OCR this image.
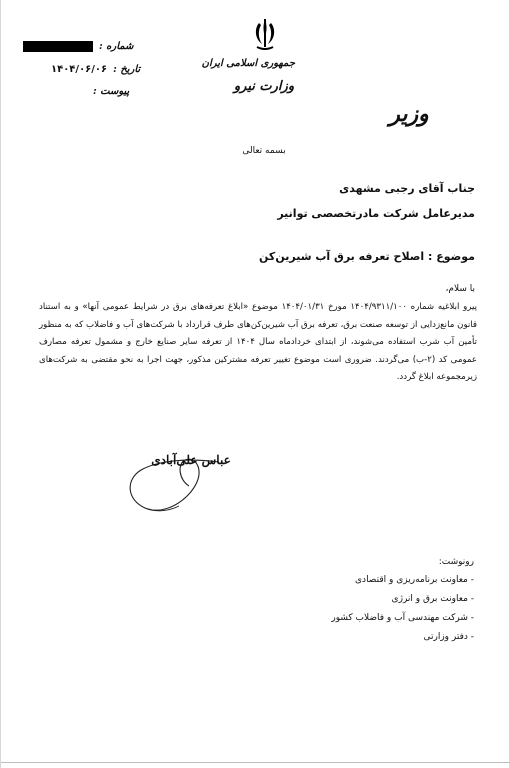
شماره :
۱۴۰۴/۰۶/۰۶ تاریخ :
پیوست :
جمهوری اسلامی ایران
وزارت نیرو
وزیر
بسمه تعالی
جناب آقای رجبی مشهدی
مدیرعامل شرکت مادرتخصصی توانیر
موضوع : اصلاح تعرفه برق آب شیرین‌کن
با سلام،
پیرو ابلاغیه شماره ۱۴۰۴/۹۳۱۱/۱۰۰ مورخ ۱۴۰۴/۰۱/۳۱ موضوع «ابلاغ تعرفه‌های برق در شرایط عمومی آنها» و به استناد قانون مانع‌زدایی از توسعه صنعت برق، تعرفه برق آب شیرین‌کن‌های طرف قرارداد با شرکت‌های آب و فاضلاب که به منظور تأمین آب شرب استفاده می‌شوند، از ابتدای خردادماه سال ۱۴۰۴ از تعرفه سایر صنایع خارج و مشمول تعرفه مصارف عمومی کد (۲-ب) می‌گردند. ضروری است موضوع تغییر تعرفه مشترکین مذکور، جهت اجرا به نحو مقتضی به شرکت‌های زیرمجموعه ابلاغ گردد.
عباس علی‌آبادی
رونوشت:
- معاونت برنامه‌ریزی و اقتصادی
- معاونت برق و انرژی
- شرکت مهندسی آب و فاضلاب کشور
- دفتر وزارتی
